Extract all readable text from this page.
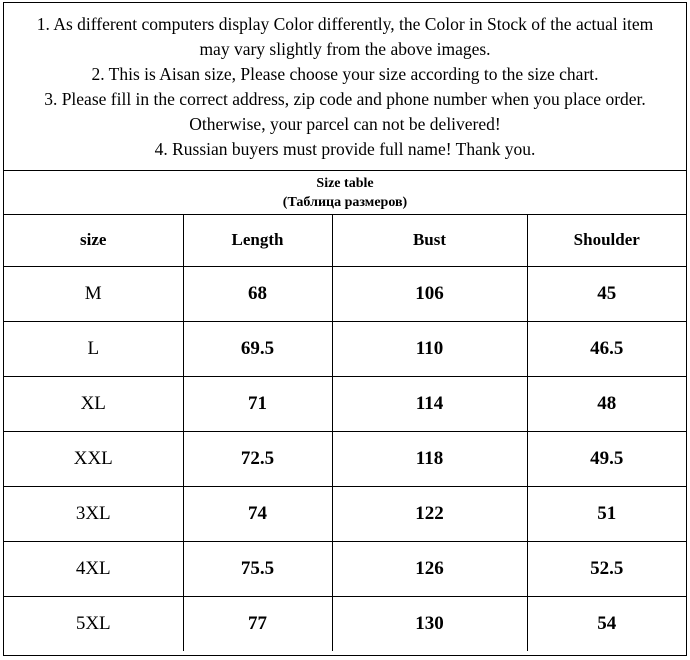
1. As different computers display Color differently, the Color in Stock of the actual item
may vary slightly from the above images.
2. This is Aisan size, Please choose your size according to the size chart.
3. Please fill in the correct address, zip code and phone number when you place order.
Otherwise, your parcel can not be delivered!
4. Russian buyers must provide full name! Thank you.
Size table
(Таблица размеров)
size	Length	Bust	Shoulder
M	68	106	45
L	69.5	110	46.5
XL	71	114	48
XXL	72.5	118	49.5
3XL	74	122	51
4XL	75.5	126	52.5
5XL	77	130	54
